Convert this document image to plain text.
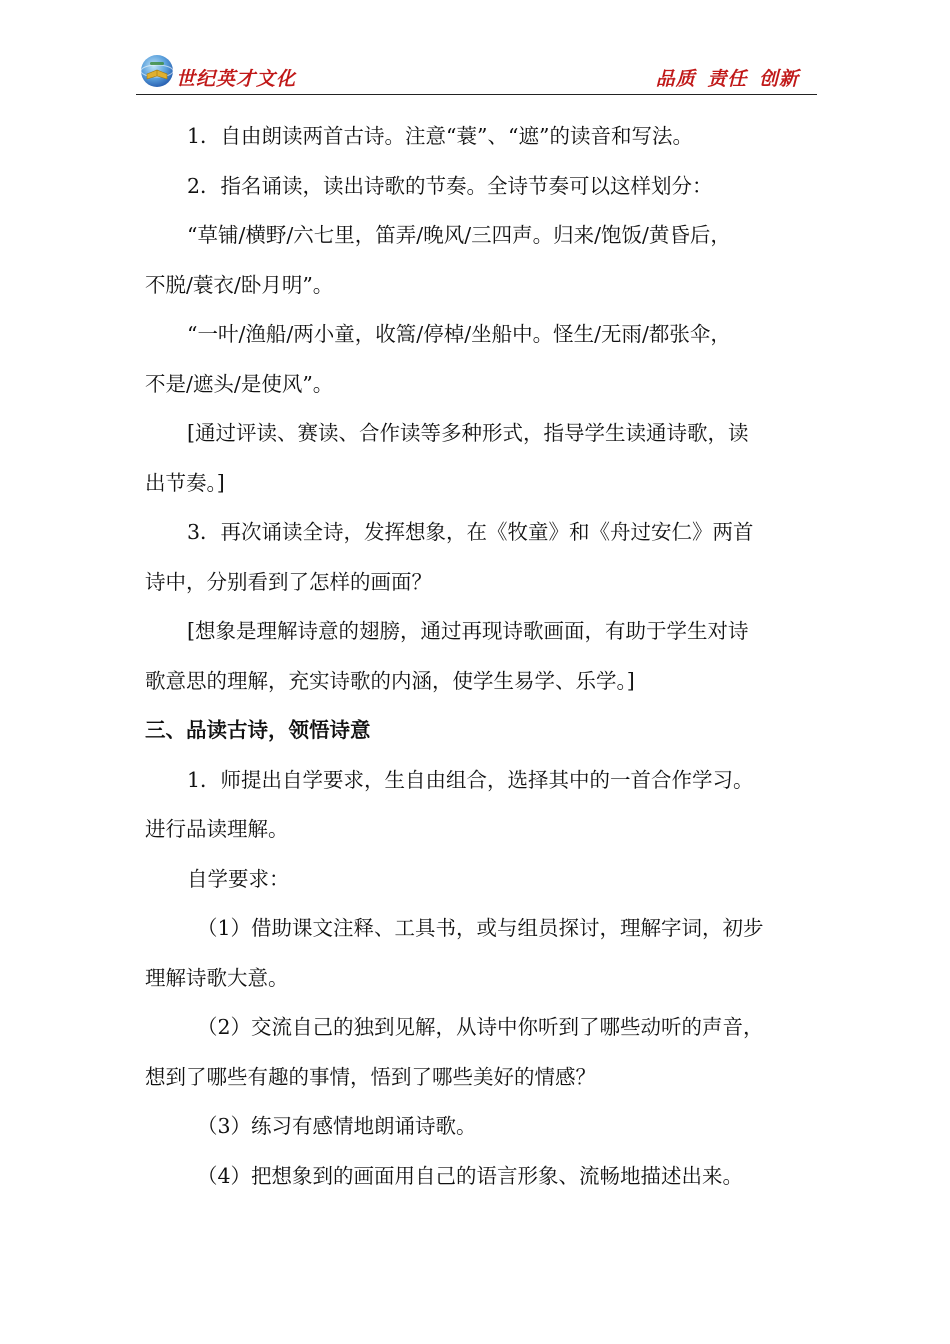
世纪英才文化	品质 责任 创新

1．自由朗读两首古诗。注意“蓑”、“遮”的读音和写法。

2．指名诵读，读出诗歌的节奏。全诗节奏可以这样划分：

“草铺/横野/六七里，笛弄/晚风/三四声。归来/饱饭/黄昏后，

不脱/蓑衣/卧月明”。

“一叶/渔船/两小童，收篙/停棹/坐船中。怪生/无雨/都张伞，

不是/遮头/是使风”。

[通过评读、赛读、合作读等多种形式，指导学生读通诗歌，读

出节奏。]

3．再次诵读全诗，发挥想象，在《牧童》和《舟过安仁》两首

诗中，分别看到了怎样的画面？

[想象是理解诗意的翅膀，通过再现诗歌画面，有助于学生对诗

歌意思的理解，充实诗歌的内涵，使学生易学、乐学。]

三、品读古诗，领悟诗意

1．师提出自学要求，生自由组合，选择其中的一首合作学习。

进行品读理解。

自学要求：

（1）借助课文注释、工具书，或与组员探讨，理解字词，初步

理解诗歌大意。

（2）交流自己的独到见解，从诗中你听到了哪些动听的声音，

想到了哪些有趣的事情，悟到了哪些美好的情感？

（3）练习有感情地朗诵诗歌。

（4）把想象到的画面用自己的语言形象、流畅地描述出来。
